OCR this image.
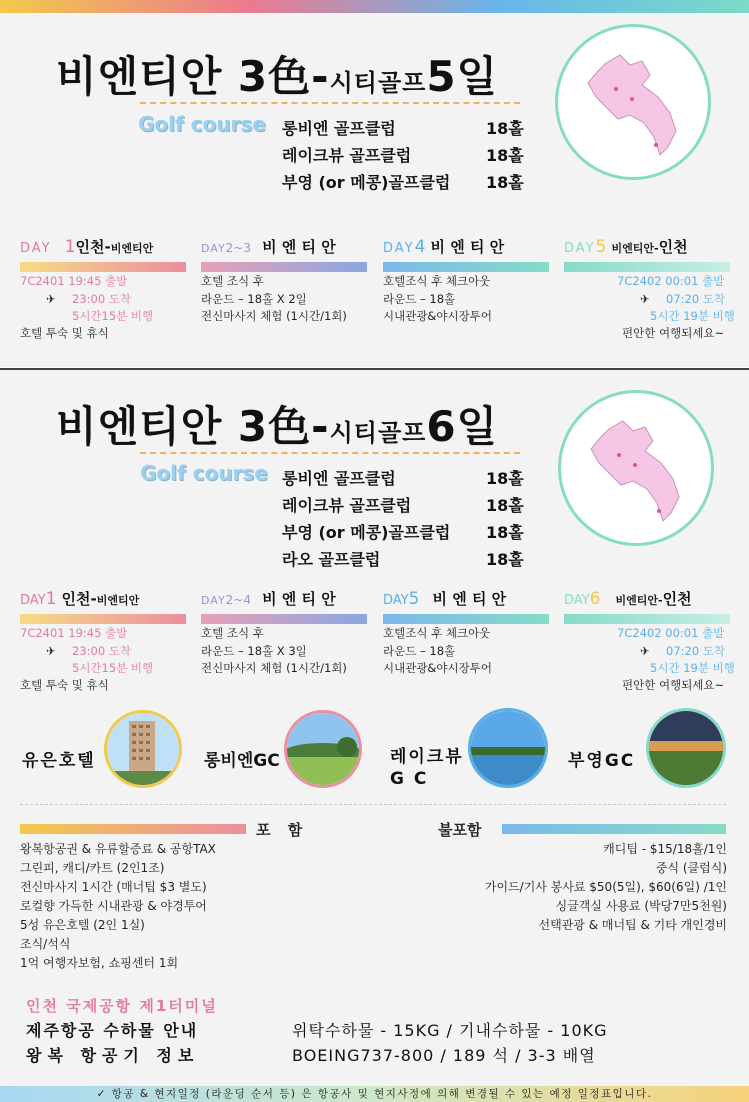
비엔티안 3色-시티골프5일
Golf course 롱비엔 골프클럽	18홀
레이크뷰 골프클럽	18홀
부영 (or 메콩)골프클럽 18홀
DAY 1인천-비엔티안
7C2401 19:45 출발
✈ 23:00 도착
5시간15분 비행
호텔 투숙 및 휴식
DAY2~3 비 엔 티 안
호텔 조식 후
라운드 – 18홀 X 2일
전신마사지 체험 (1시간/1회)
DAY4 비 엔 티 안
호텔조식 후 체크아웃
라운드 – 18홀
시내관광&야시장투어
DAY5 비엔티안-인천
7C2402 00:01 출발
✈ 07:20 도착
5시간 19분 비행
편안한 여행되세요~
비엔티안 3色-시티골프6일
Golf course 롱비엔 골프클럽	18홀
레이크뷰 골프클럽	18홀
부영 (or 메콩)골프클럽 18홀
라오 골프클럽	18홀
DAY1 인천-비엔티안
7C2401 19:45 출발
✈ 23:00 도착
5시간15분 비행
호텔 투숙 및 휴식
DAY2~4 비 엔 티 안
호텔 조식 후
라운드 – 18홀 X 3일
전신마사지 체험 (1시간/1회)
DAY5 비 엔 티 안
호텔조식 후 체크아웃
라운드 – 18홀
시내관광&야시장투어
DAY6 비엔티안-인천
7C2402 00:01 출발
✈ 07:20 도착
5시간 19분 비행
편안한 여행되세요~
유은호텔	롱비엔GC	레이크뷰 G C
부영GC
포 함	불포함
왕복항공권 & 유류할증료 & 공항TAX
그린피, 캐디/카트 (2인1조)
전신마사지 1시간 (매너팁 $3 별도)
로컬향 가득한 시내관광 & 야경투어
5성 유은호텔 (2인 1실)
조식/석식
1억 여행자보험, 쇼핑센터 1회
캐디팁 - $15/18홀/1인
중식 (클럽식)
가이드/기사 봉사료 $50(5일), $60(6일) /1인
싱글객실 사용료 (박당7만5천원)
선택관광 & 매너팁 & 기타 개인경비
인천 국제공항 제1터미널
제주항공 수하물 안내	위탁수하물 - 15KG / 기내수하물 - 10KG
왕복 항공기 정보	BOEING737-800 / 189 석 / 3-3 배열
✓ 항공 & 현지일정 (라운딩 순서 등) 은 항공사 및 현지사정에 의해 변경될 수 있는 예정 일정표입니다.
